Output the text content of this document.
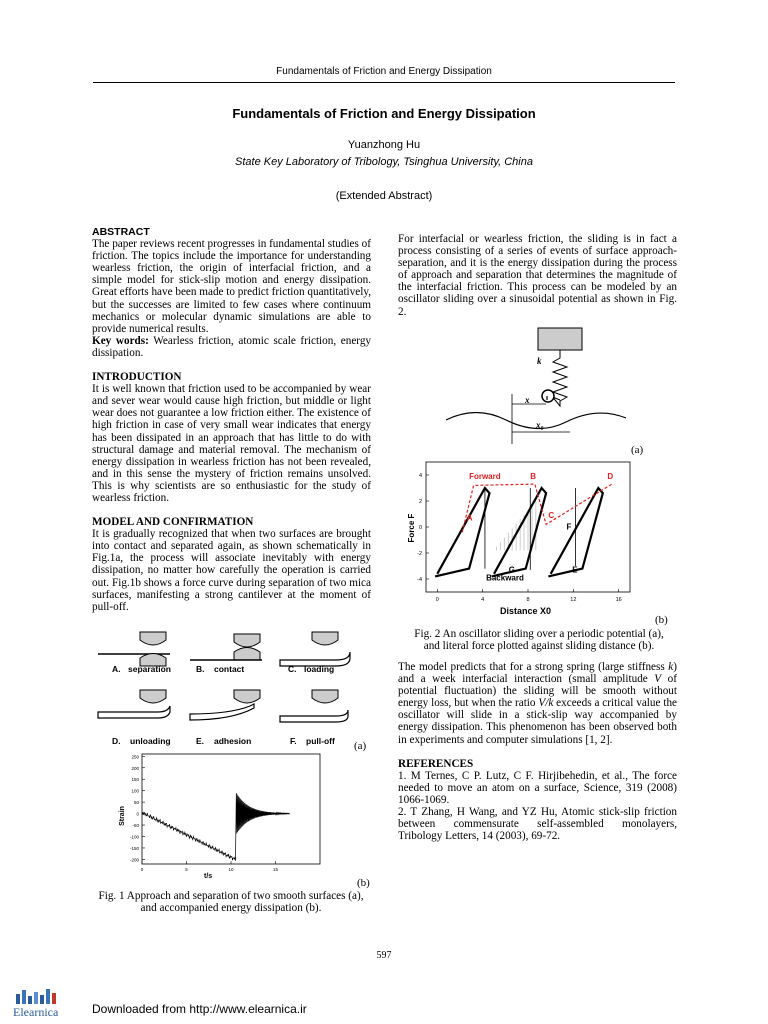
Fundamentals of Friction and Energy Dissipation
Fundamentals of Friction and Energy Dissipation
Yuanzhong Hu
State Key Laboratory of Tribology, Tsinghua University, China
(Extended Abstract)

ABSTRACT

The paper reviews recent progresses in fundamental studies of friction. The topics include the importance for understanding wearless friction, the origin of interfacial friction, and a simple model for stick-slip motion and energy dissipation. Great efforts have been made to predict friction quantitatively, but the successes are limited to few cases where continuum mechanics or molecular dynamic simulations are able to provide numerical results.

Key words: Wearless friction, atomic scale friction, energy dissipation.

INTRODUCTION

It is well known that friction used to be accompanied by wear and sever wear would cause high friction, but middle or light wear does not guarantee a low friction either. The existence of high friction in case of very small wear indicates that energy has been dissipated in an approach that has little to do with structural damage and material removal. The mechanism of energy dissipation in wearless friction has not been revealed, and in this sense the mystery of friction remains unsolved. This is why scientists are so enthusiastic for the study of wearless friction.

MODEL AND CONFIRMATION

It is gradually recognized that when two surfaces are brought into contact and separated again, as shown schematically in Fig.1a, the process will associate inevitably with energy dissipation, no matter how carefully the operation is carried out. Fig.1b shows a force curve during separation of two mica surfaces, manifesting a strong cantilever at the moment of pull-off.

A. separation	B. contact	C. loading
D. unloading	E. adhesion	F. pull-off (a)
-200
-150
-100
-50
0
50
100
150
200
250
0	5	10	15
t/s
Strain
(b)
Fig. 1 Approach and separation of two smooth surfaces (a),
and accompanied energy dissipation (b).

For interfacial or wearless friction, the sliding is in fact a process consisting of a series of events of surface approach-separation, and it is the energy dissipation during the process of approach and separation that determines the magnitude of the interfacial friction. This process can be modeled by an oscillator sliding over a sinusoidal potential as shown in Fig. 2.

k
x
x₀
(a)
-4
-2
0
2
4
0	4	8	12	16
Distance X0
Force F
Forward
Backward
A
B
C
D
E
F
G
(b)
Fig. 2 An oscillator sliding over a periodic potential (a),
and literal force plotted against sliding distance (b).

The model predicts that for a strong spring (large stiffness k) and a week interfacial interaction (small amplitude V of potential fluctuation) the sliding will be smooth without energy loss, but when the ratio V/k exceeds a critical value the oscillator will slide in a stick-slip way accompanied by energy dissipation. This phenomenon has been observed both in experiments and computer simulations [1, 2].

REFERENCES

1. M Ternes, C P. Lutz, C F. Hirjibehedin, et al., The force needed to move an atom on a surface, Science, 319 (2008) 1066-1069.

2. T Zhang, H Wang, and YZ Hu, Atomic stick-slip friction between commensurate self-assembled monolayers, Tribology Letters, 14 (2003), 69-72.

597
Elearnica	Downloaded from http://www.elearnica.ir
